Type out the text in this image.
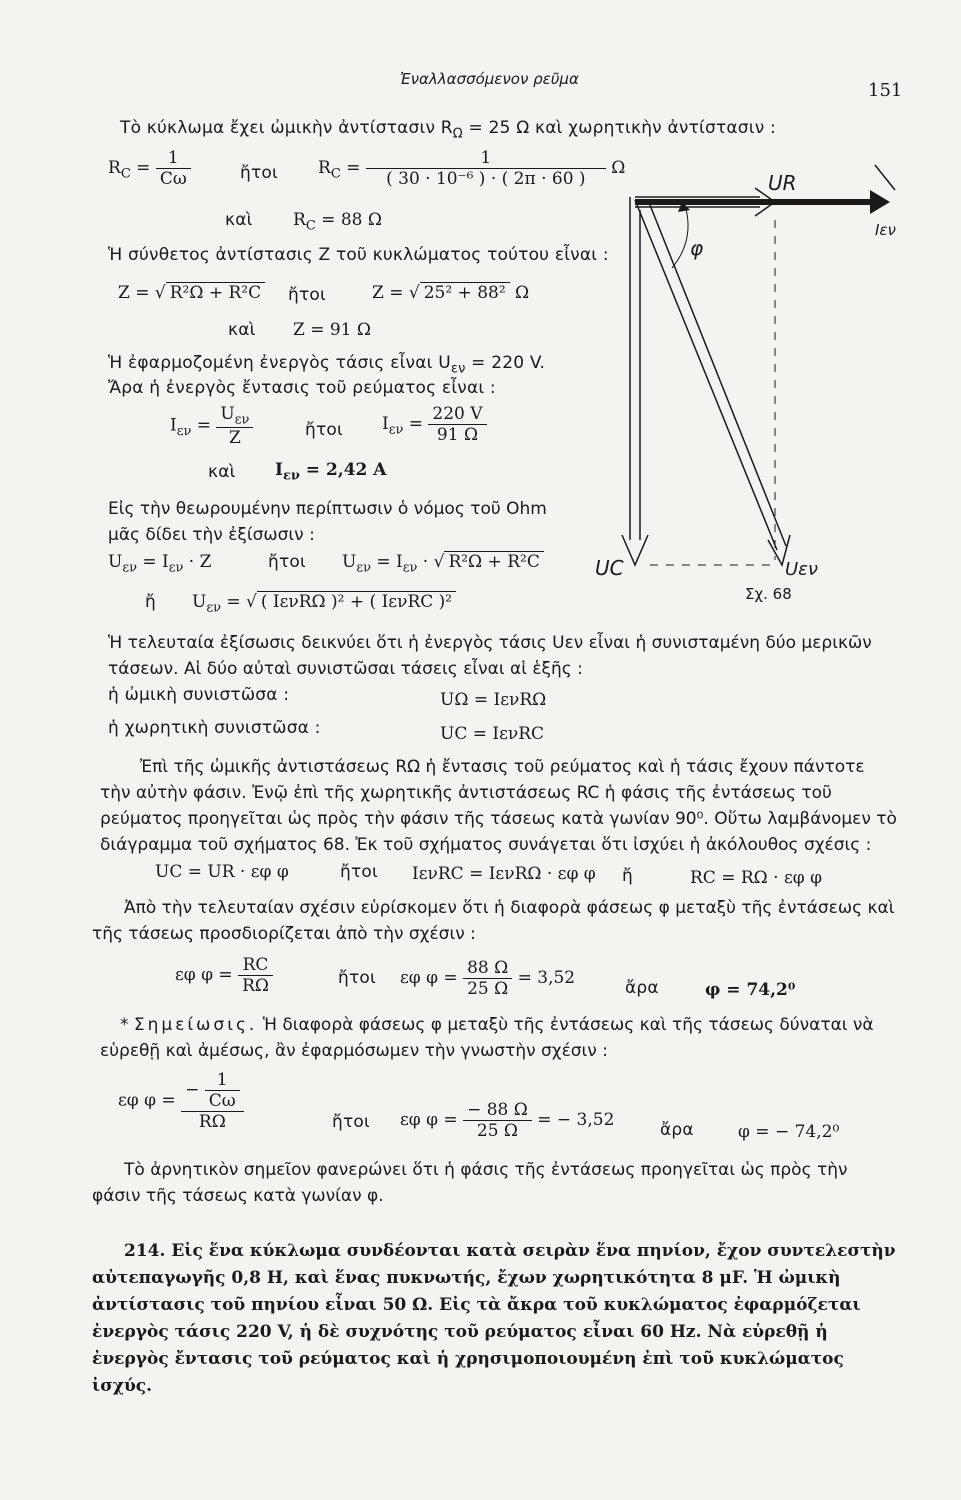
Ἐναλλασσόμενον ρεῦμα
151
Τὸ κύκλωμα ἔχει ὠμικὴν ἀντίστασιν $R_\Omega = 25$ Ω καὶ χωρητικὴν ἀντίστασιν :
$R_C = \frac{1}{C\omega}$	ἤτοι $R_C = \frac{1}{\text{( 30 · 10⁻⁶ ) · ( 2π · 60 )}}$ Ω
καὶ $R_C = 88$ Ω
Ἡ σύνθετος ἀντίστασις Z τοῦ κυκλώματος τούτου εἶναι :
Z = √ R²Ω + R²C ἤτοι	Z = √ 25² + 88² Ω
καὶ Z = 91 Ω
Ἡ ἐφαρμοζομένη ἐνεργὸς τάσις εἶναι $U_{\varepsilon\nu} = 220$ V.
Ἄρα ἡ ἐνεργὸς ἔντασις τοῦ ρεύματος εἶναι :
$I_{\varepsilon\nu} = \frac{U_{\varepsilon\nu}}{Z}$	ἤτοι $I_{\varepsilon\nu} = \frac{220 V}{91 \Omega}$
καὶ $I_{\varepsilon\nu} = 2,42$ A
Εἰς τὴν θεωρουμένην περίπτωσιν ὁ νόμος τοῦ Ohm μᾶς δίδει τὴν ἐξίσωσιν :
$U_{\varepsilon\nu} = I_{\varepsilon\nu} \cdot Z$	ἤτοι $U_{\varepsilon\nu} = I_{\varepsilon\nu}$ · √ R²Ω + R²C
ἤ $U_{\varepsilon\nu}$ = √ ( IενRΩ )² + ( IενRC )²
UR
Iεν
φ
UC	Uεν
Σχ. 68
Ἡ τελευταία ἐξίσωσις δεικνύει ὅτι ἡ ἐνεργὸς τάσις Uεν εἶναι ἡ συνισταμένη δύο μερικῶν τάσεων. Αἱ δύο αὐταὶ συνιστῶσαι τάσεις εἶναι αἱ ἑξῆς :
ἡ ὠμικὴ συνιστῶσα :	UΩ = IενRΩ
ἡ χωρητικὴ συνιστῶσα :	UC = IενRC
Ἐπὶ τῆς ὠμικῆς ἀντιστάσεως RΩ ἡ ἔντασις τοῦ ρεύματος καὶ ἡ τάσις ἔχουν πάντοτε τὴν αὐτὴν φάσιν. Ἐνῷ ἐπὶ τῆς χωρητικῆς ἀντιστάσεως RC ἡ φάσις τῆς ἐντάσεως τοῦ ρεύματος προηγεῖται ὡς πρὸς τὴν φάσιν τῆς τάσεως κατὰ γωνίαν 90⁰. Οὕτω λαμβάνομεν τὸ διάγραμμα τοῦ σχήματος 68. Ἐκ τοῦ σχήματος συνάγεται ὅτι ἰσχύει ἡ ἀκόλουθος σχέσις :
UC = UR · εφ φ	ἤτοι IενRC = IενRΩ · εφ φ ἤ	RC = RΩ · εφ φ
Ἀπὸ τὴν τελευταίαν σχέσιν εὑρίσκομεν ὅτι ἡ διαφορὰ φάσεως φ μεταξὺ τῆς ἐντάσεως καὶ τῆς τάσεως προσδιορίζεται ἀπὸ τὴν σχέσιν :
εφ $\varphi = \frac{RC}{R\Omega}$	ἤτοι εφ $\varphi = \frac{88 \Omega}{25 \Omega} = 3,52$	ἄρα	φ = 74,2⁰
* Σημείωσις. Ἡ διαφορὰ φάσεως φ μεταξὺ τῆς ἐντάσεως καὶ τῆς τάσεως δύναται νὰ εὑρεθῇ καὶ ἀμέσως, ἂν ἐφαρμόσωμεν τὴν γνωστὴν σχέσιν :
εφ $\varphi = \frac{- \frac{1}{C\omega}}{R\Omega}$	ἤτοι εφ $\varphi = \frac{- 88 \Omega}{25 \Omega}$ = − 3,52	ἄρα	φ = − 74,2⁰
Τὸ ἀρνητικὸν σημεῖον φανερώνει ὅτι ἡ φάσις τῆς ἐντάσεως προηγεῖται ὡς πρὸς τὴν φάσιν τῆς τάσεως κατὰ γωνίαν φ.
214. Εἰς ἕνα κύκλωμα συνδέονται κατὰ σειρὰν ἕνα πηνίον, ἔχον συντελεστὴν αὐτεπαγωγῆς 0,8 H, καὶ ἕνας πυκνωτής, ἔχων χωρητικότητα 8 μF. Ἡ ὠμικὴ ἀντίστασις τοῦ πηνίου εἶναι 50 Ω. Εἰς τὰ ἄκρα τοῦ κυκλώματος ἐφαρμόζεται ἐνεργὸς τάσις 220 V, ἡ δὲ συχνότης τοῦ ρεύματος εἶναι 60 Hz. Νὰ εὑρεθῇ ἡ ἐνεργὸς ἔντασις τοῦ ρεύματος καὶ ἡ χρησιμοποιουμένη ἐπὶ τοῦ κυκλώματος ἰσχύς.
